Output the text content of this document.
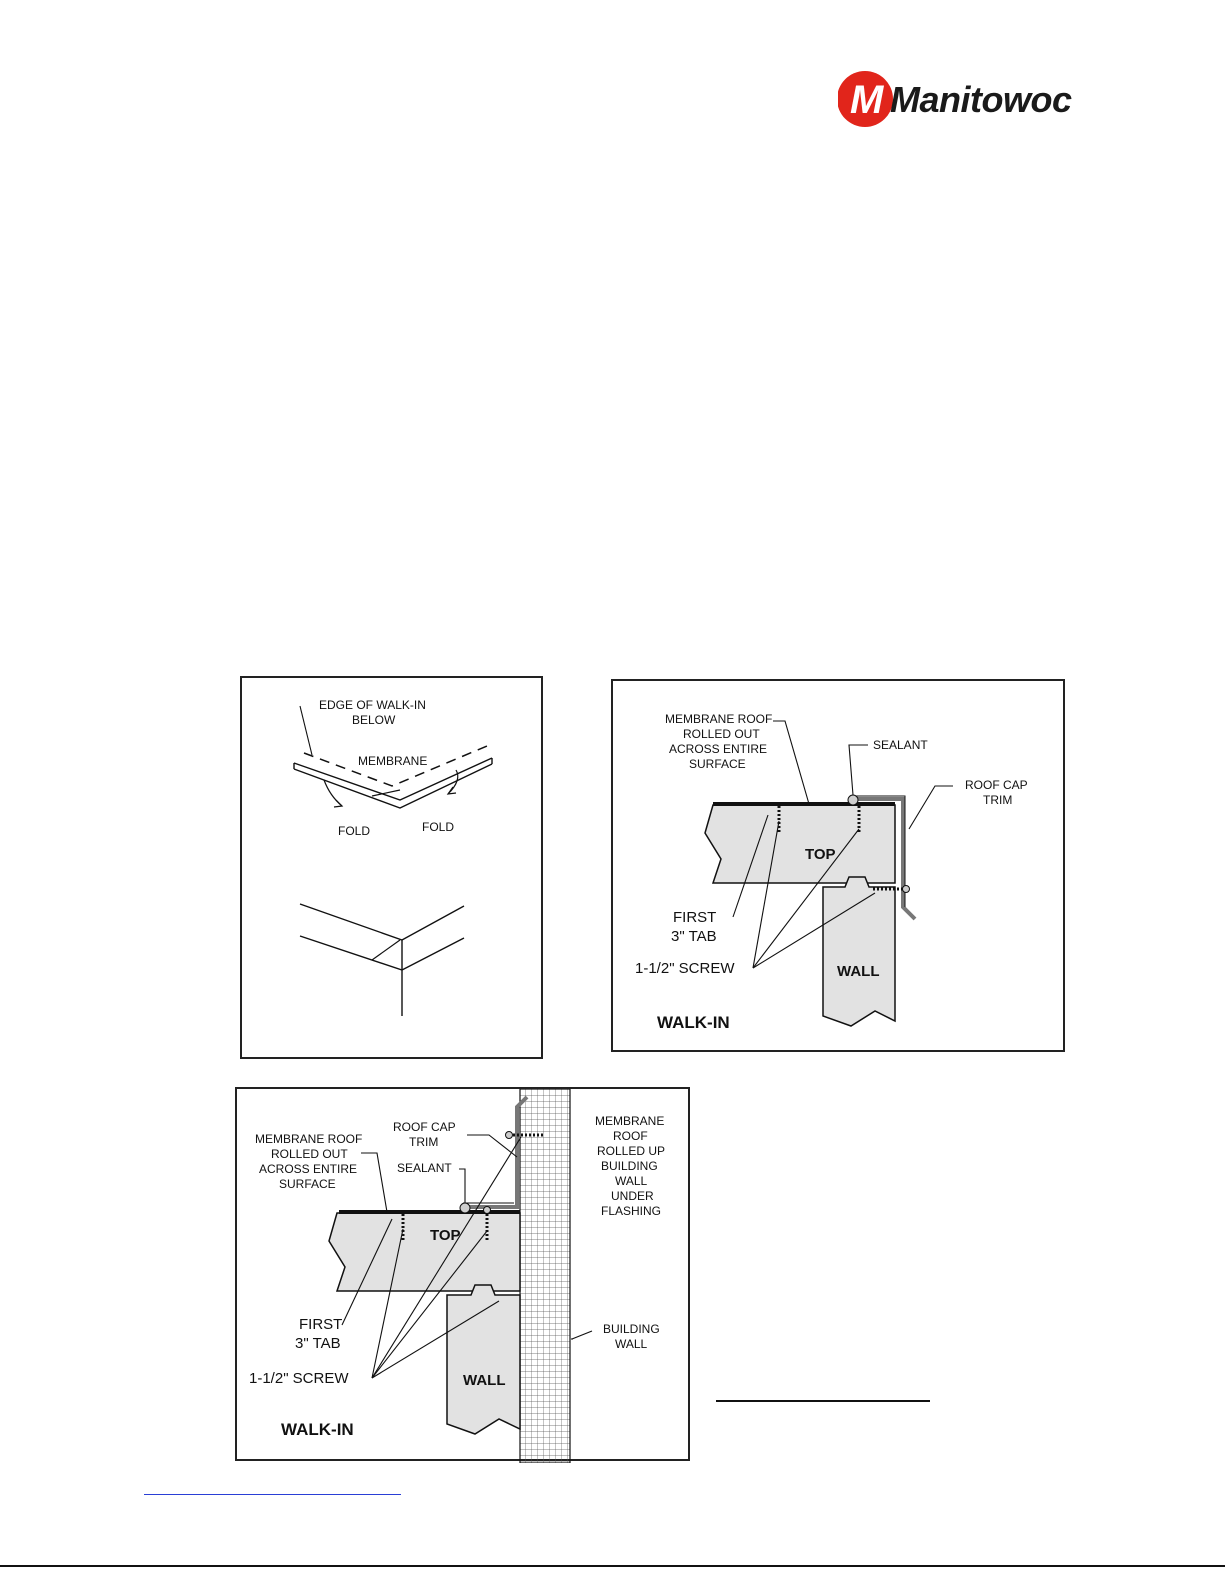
M Manitowoc
EDGE OF WALK-IN
BELOW
MEMBRANE
FOLD	FOLD
MEMBRANE ROOF
ROLLED OUT
ACROSS ENTIRE
SURFACE
SEALANT
ROOF CAP
TRIM
TOP
FIRST
3" TAB
1-1/2" SCREW	WALL
WALK-IN
MEMBRANE ROOF
ROLLED OUT
ACROSS ENTIRE
SURFACE
ROOF CAP
TRIM
SEALANT
MEMBRANE
ROOF
ROLLED UP
BUILDING
WALL
UNDER
FLASHING
BUILDING
WALL
TOP
FIRST
3" TAB
1-1/2" SCREW	WALL
WALK-IN
